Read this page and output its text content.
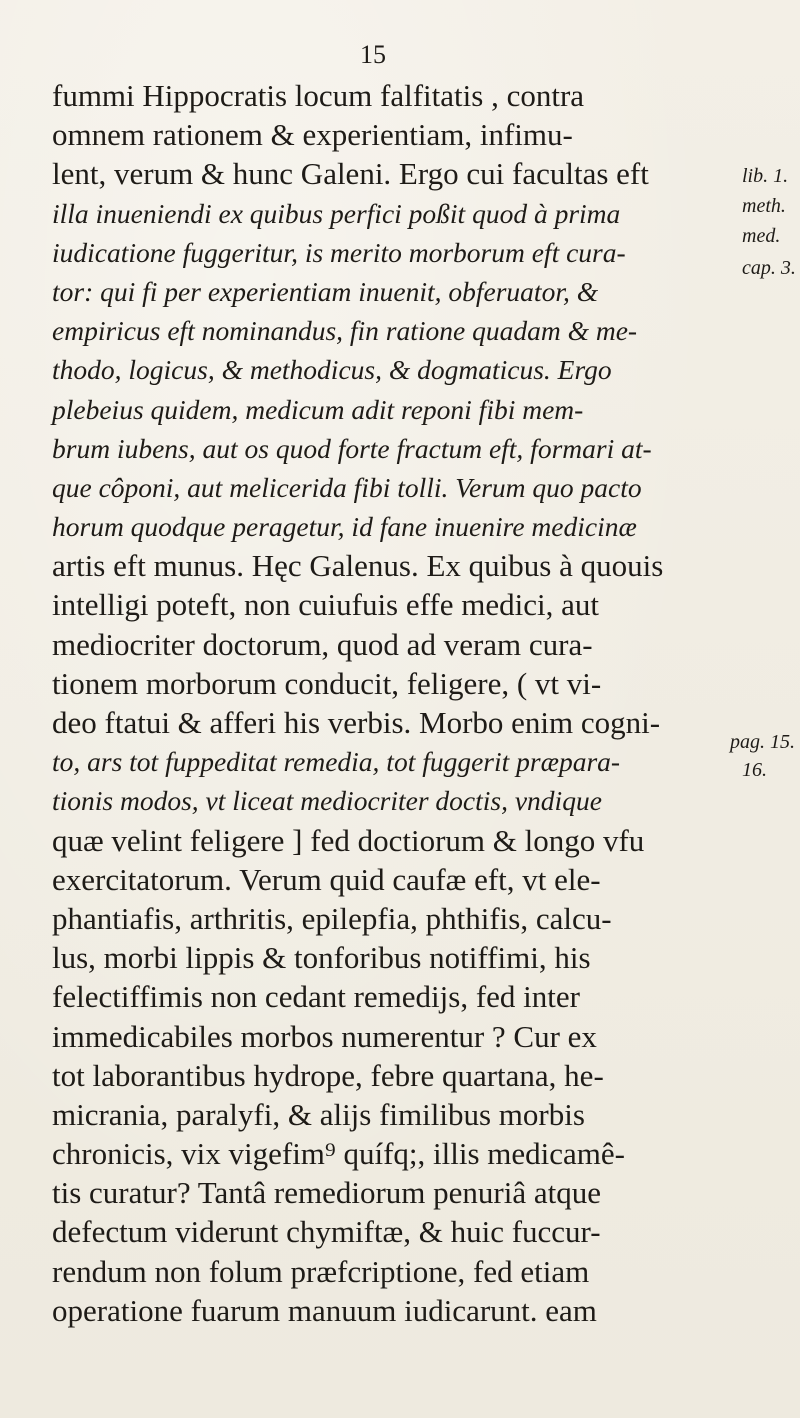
15
fummi Hippocratis locum falfitatis , contra
omnem rationem & experientiam, infimu-
lent, verum & hunc Galeni. Ergo cui facultas eft
illa inueniendi ex quibus perfici poßit quod à prima
iudicatione fuggeritur, is merito morborum eft cura-
tor: qui fi per experientiam inuenit, obferuator, &
empiricus eft nominandus, fin ratione quadam & me-
thodo, logicus, & methodicus, & dogmaticus. Ergo
plebeius quidem, medicum adit reponi fibi mem-
brum iubens, aut os quod forte fractum eft, formari at-
que côponi, aut melicerida fibi tolli. Verum quo pacto
horum quodque peragetur, id fane inuenire medicinæ
artis eft munus. Hęc Galenus. Ex quibus à quouis
intelligi poteft, non cuiufuis effe medici, aut
mediocriter doctorum, quod ad veram cura-
tionem morborum conducit, feligere, ( vt vi-
deo ftatui & afferi his verbis. Morbo enim cogni-
to, ars tot fuppeditat remedia, tot fuggerit præpara-
tionis modos, vt liceat mediocriter doctis, vndique
quæ velint feligere ] fed doctiorum & longo vfu
exercitatorum. Verum quid caufæ eft, vt ele-
phantiafis, arthritis, epilepfia, phthifis, calcu-
lus, morbi lippis & tonforibus notiffimi, his
felectiffimis non cedant remedijs, fed inter
immedicabiles morbos numerentur ? Cur ex
tot laborantibus hydrope, febre quartana, he-
micrania, paralyfi, & alijs fimilibus morbis
chronicis, vix vigefim⁹ quífq;, illis medicamê-
tis curatur? Tantâ remediorum penuriâ atque
defectum viderunt chymiftæ, & huic fuccur-
rendum non folum præfcriptione, fed etiam
operatione fuarum manuum iudicarunt. eam
lib. 1.
meth.
med.
cap. 3.
pag. 15.
16.
